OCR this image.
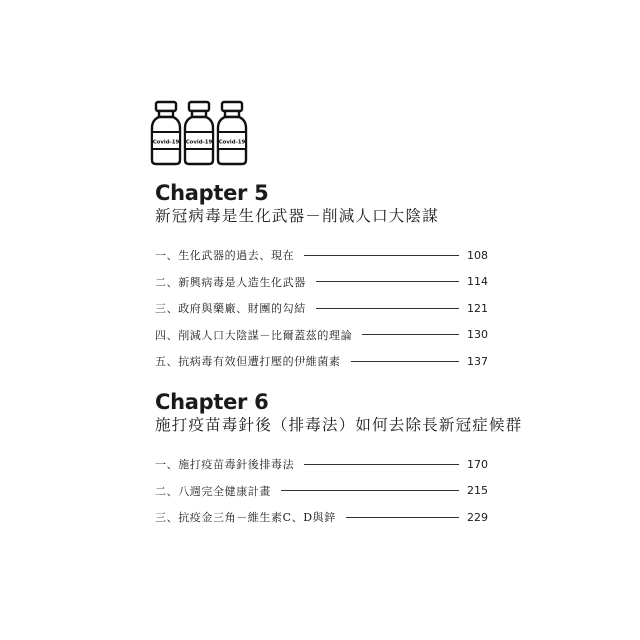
Covid-19 Covid-19 Covid-19
Chapter 5
新冠病毒是生化武器－削減人口大陰謀
一、生化武器的過去、現在	108
二、新興病毒是人造生化武器	114
三、政府與藥廠、財團的勾結	121
四、削減人口大陰謀－比爾蓋茲的理論	130
五、抗病毒有效但遭打壓的伊維菌素	137
Chapter 6
施打疫苗毒針後（排毒法）如何去除長新冠症候群
一、施打疫苗毒針後排毒法	170
二、八週完全健康計畫	215
三、抗疫金三角－維生素C、D與鋅	229
